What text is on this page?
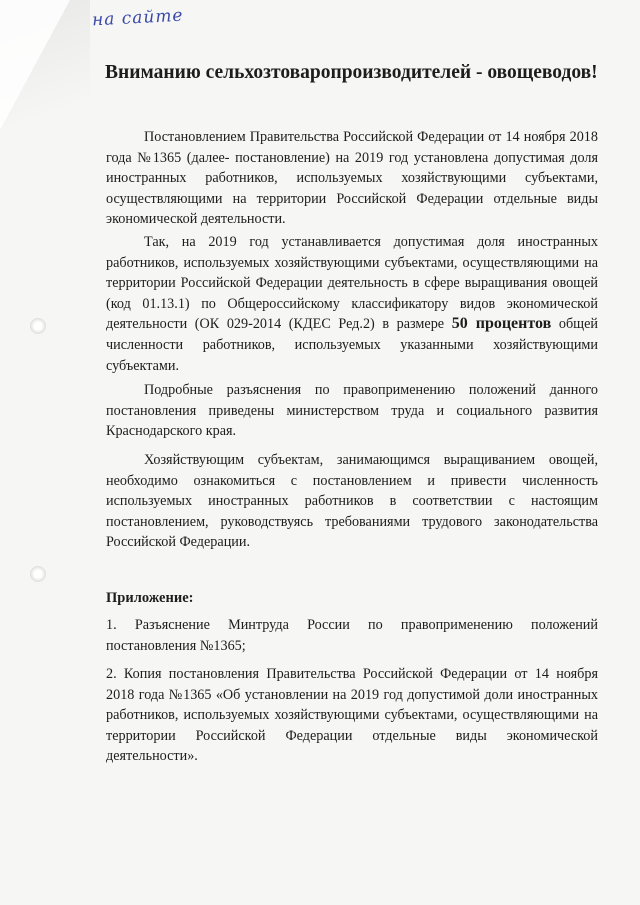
на сайте
Вниманию сельхозтоваропроизводителей - овощеводов!

Постановлением Правительства Российской Федерации от 14 ноября 2018 года №1365 (далее- постановление) на 2019 год установлена допустимая доля иностранных работников, используемых хозяйствующими субъектами, осуществляющими на территории Российской Федерации отдельные виды экономической деятельности.

Так, на 2019 год устанавливается допустимая доля иностранных работников, используемых хозяйствующими субъектами, осуществляющими на территории Российской Федерации деятельность в сфере выращивания овощей (код 01.13.1) по Общероссийскому классификатору видов экономической деятельности (ОК 029-2014 (КДЕС Ред.2) в размере 50 процентов общей численности работников, используемых указанными хозяйствующими субъектами.

Подробные разъяснения по правоприменению положений данного постановления приведены министерством труда и социального развития Краснодарского края.

Хозяйствующим субъектам, занимающимся выращиванием овощей, необходимо ознакомиться с постановлением и привести численность используемых иностранных работников в соответствии с настоящим постановлением, руководствуясь требованиями трудового законодательства Российской Федерации.

Приложение:

1. Разъяснение Минтруда России по правоприменению положений постановления №1365;

2. Копия постановления Правительства Российской Федерации от 14 ноября 2018 года №1365 «Об установлении на 2019 год допустимой доли иностранных работников, используемых хозяйствующими субъектами, осуществляющими на территории Российской Федерации отдельные виды экономической деятельности».
